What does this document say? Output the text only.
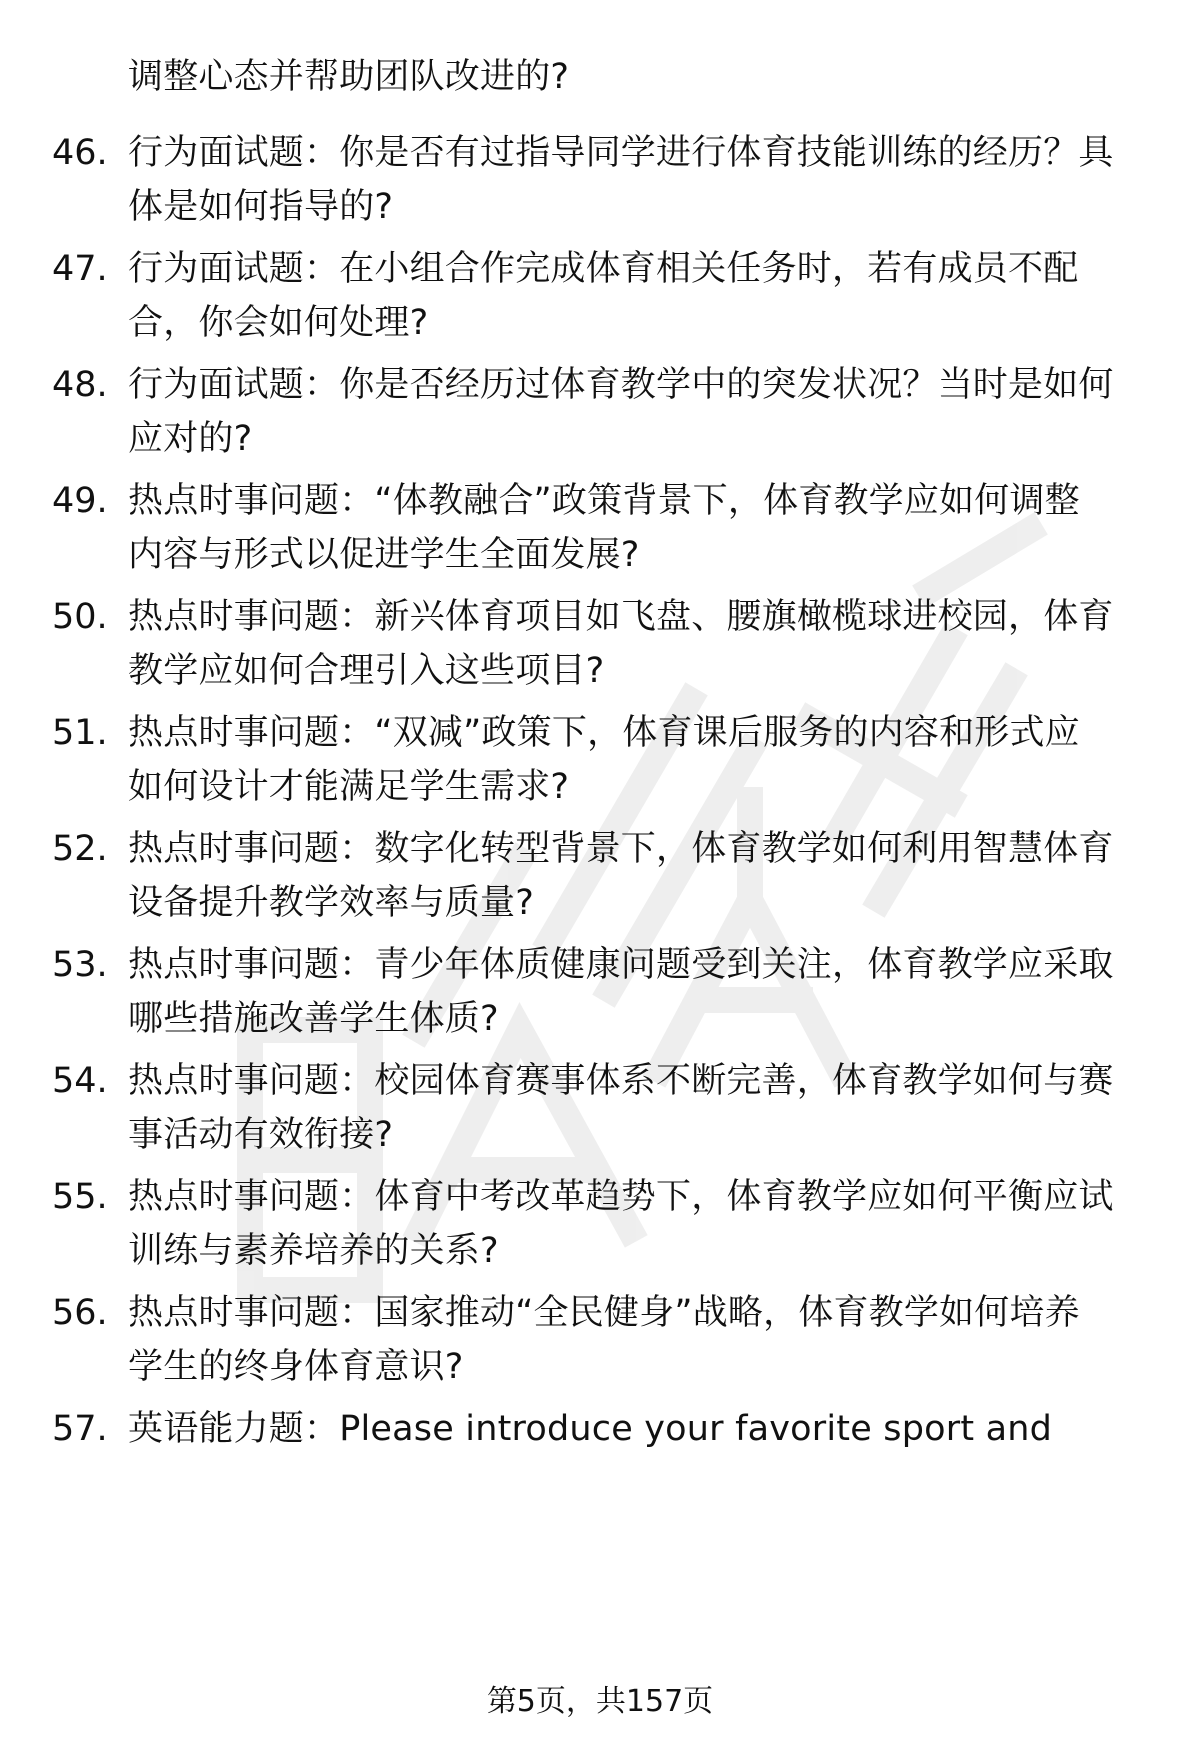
调整心态并帮助团队改进的?
46. 行为面试题：你是否有过指导同学进行体育技能训练的经历？具
体是如何指导的?
47. 行为面试题：在小组合作完成体育相关任务时，若有成员不配
合，你会如何处理?
48. 行为面试题：你是否经历过体育教学中的突发状况？当时是如何
应对的?
49. 热点时事问题：“体教融合”政策背景下，体育教学应如何调整
内容与形式以促进学生全面发展?
50. 热点时事问题：新兴体育项目如飞盘、腰旗橄榄球进校园，体育
教学应如何合理引入这些项目?
51. 热点时事问题：“双减”政策下，体育课后服务的内容和形式应
如何设计才能满足学生需求?
52. 热点时事问题：数字化转型背景下，体育教学如何利用智慧体育
设备提升教学效率与质量?
53. 热点时事问题：青少年体质健康问题受到关注，体育教学应采取
哪些措施改善学生体质?
54. 热点时事问题：校园体育赛事体系不断完善，体育教学如何与赛
事活动有效衔接?
55. 热点时事问题：体育中考改革趋势下，体育教学应如何平衡应试
训练与素养培养的关系?
56. 热点时事问题：国家推动“全民健身”战略，体育教学如何培养
学生的终身体育意识?
57. 英语能力题：Please introduce your favorite sport and
第5页，共157页
